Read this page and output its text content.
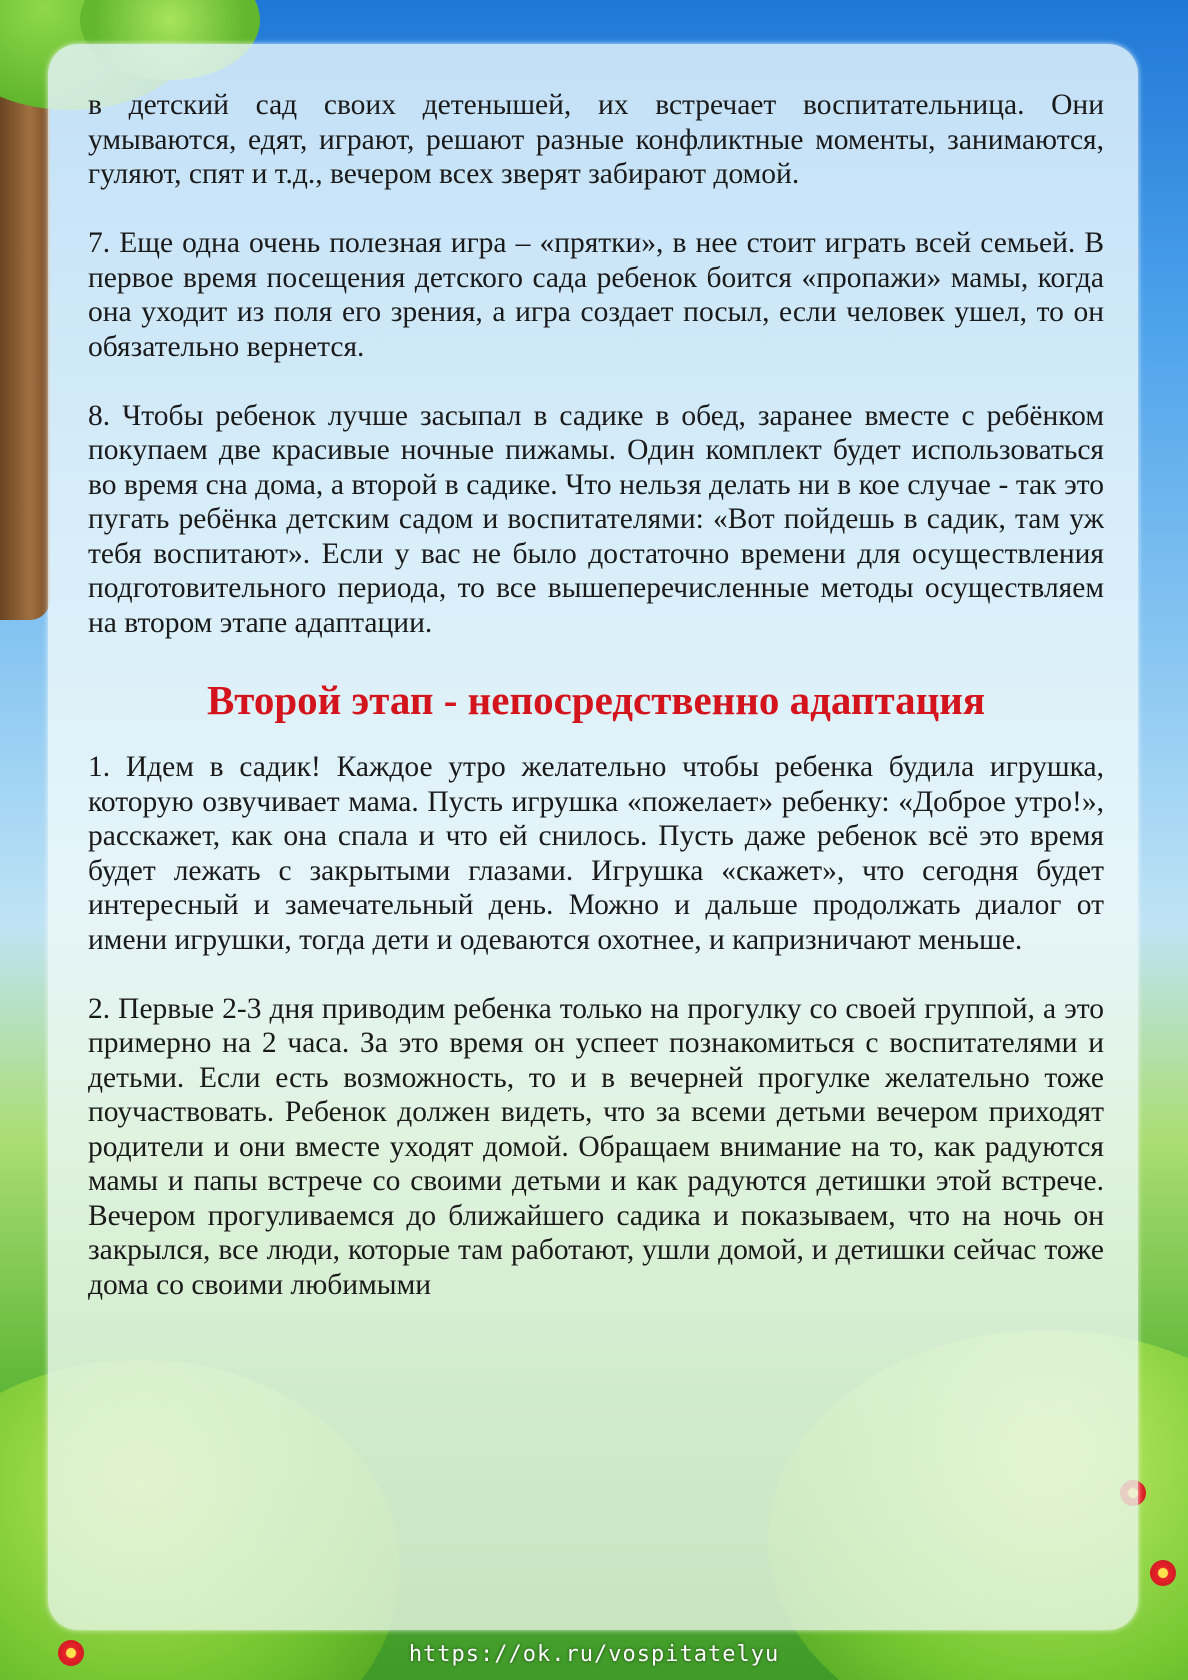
в детский сад своих детенышей, их встречает воспитательница. Они умываются, едят, играют, решают разные конфликтные моменты, занимаются, гуляют, спят и т.д., вечером всех зверят забирают домой.

7. Еще одна очень полезная игра – «прятки», в нее стоит играть всей семьей. В первое время посещения детского сада ребенок боится «пропажи» мамы, когда она уходит из поля его зрения, а игра создает посыл, если человек ушел, то он обязательно вернется.

8. Чтобы ребенок лучше засыпал в садике в обед, заранее вместе с ребёнком покупаем две красивые ночные пижамы. Один комплект будет использоваться во время сна дома, а второй в садике. Что нельзя делать ни в кое случае - так это пугать ребёнка детским садом и воспитателями: «Вот пойдешь в садик, там уж тебя воспитают». Если у вас не было достаточно времени для осуществления подготовительного периода, то все вышеперечисленные методы осуществляем на втором этапе адаптации.

Второй этап - непосредственно адаптация

1. Идем в садик! Каждое утро желательно чтобы ребенка будила игрушка, которую озвучивает мама. Пусть игрушка «пожелает» ребенку: «Доброе утро!», расскажет, как она спала и что ей снилось. Пусть даже ребенок всё это время будет лежать с закрытыми глазами. Игрушка «скажет», что сегодня будет интересный и замечательный день. Можно и дальше продолжать диалог от имени игрушки, тогда дети и одеваются охотнее, и капризничают меньше.

2. Первые 2-3 дня приводим ребенка только на прогулку со своей группой, а это примерно на 2 часа. За это время он успеет познакомиться с воспитателями и детьми. Если есть возможность, то и в вечерней прогулке желательно тоже поучаствовать. Ребенок должен видеть, что за всеми детьми вечером приходят родители и они вместе уходят домой. Обращаем внимание на то, как радуются мамы и папы встрече со своими детьми и как радуются детишки этой встрече. Вечером прогуливаемся до ближайшего садика и показываем, что на ночь он закрылся, все люди, которые там работают, ушли домой, и детишки сейчас тоже дома со своими любимыми

https://ok.ru/vospitatelyu
